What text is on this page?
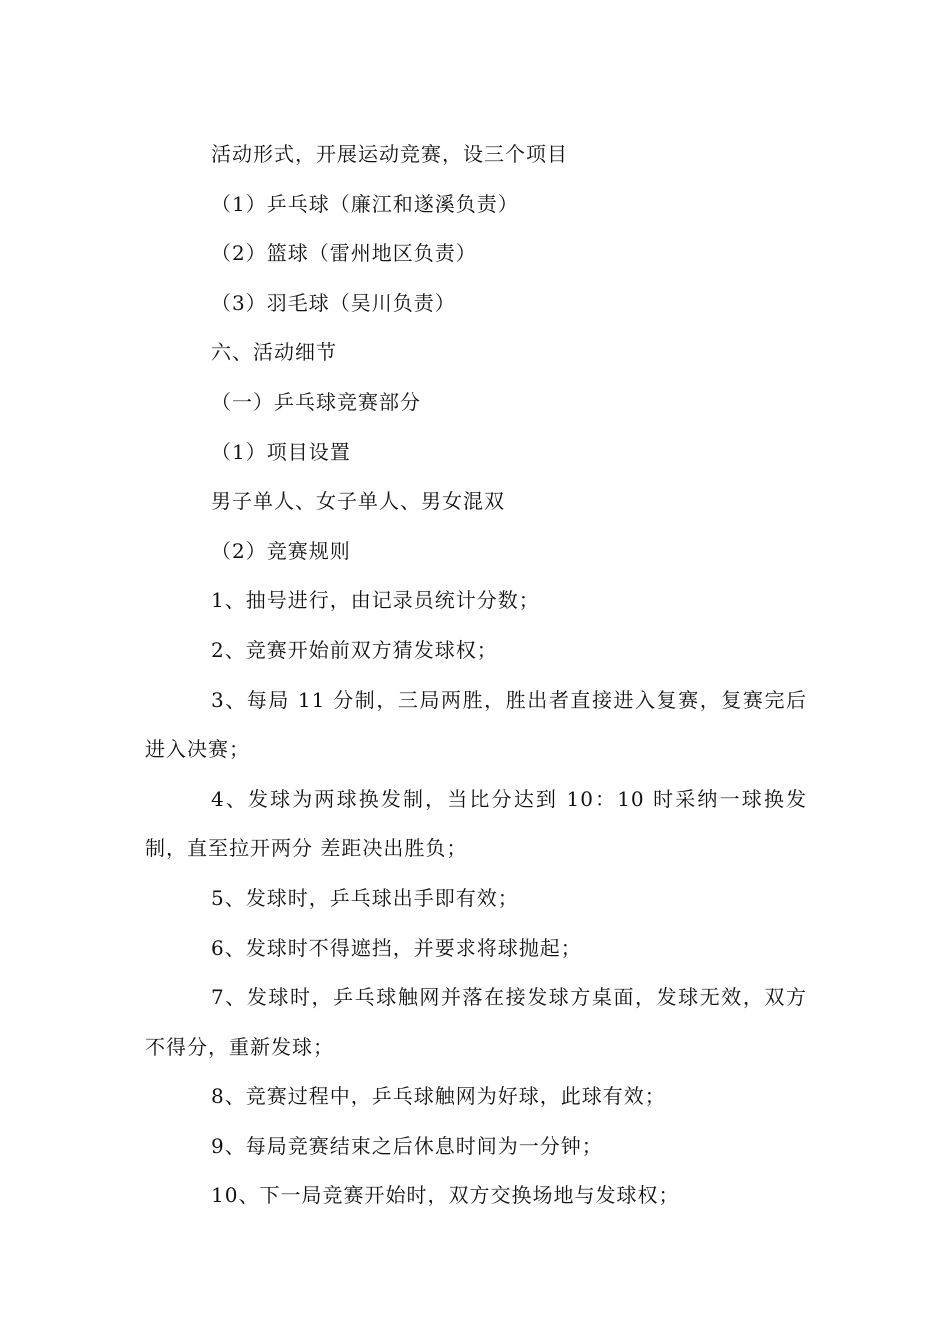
活动形式，开展运动竞赛，设三个项目

（1）乒乓球（廉江和遂溪负责）

（2）篮球（雷州地区负责）

（3）羽毛球（吴川负责）

六、活动细节

（一）乒乓球竞赛部分

（1）项目设置

男子单人、女子单人、男女混双

（2）竞赛规则

1、抽号进行，由记录员统计分数；

2、竞赛开始前双方猜发球权；

3、每局 11 分制，三局两胜，胜出者直接进入复赛，复赛完后进入决赛；

4、发球为两球换发制，当比分达到 10：10 时采纳一球换发制，直至拉开两分 差距决出胜负；

5、发球时，乒乓球出手即有效；

6、发球时不得遮挡，并要求将球抛起；

7、发球时，乒乓球触网并落在接发球方桌面，发球无效，双方不得分，重新发球；

8、竞赛过程中，乒乓球触网为好球，此球有效；

9、每局竞赛结束之后休息时间为一分钟；

10、下一局竞赛开始时，双方交换场地与发球权；
